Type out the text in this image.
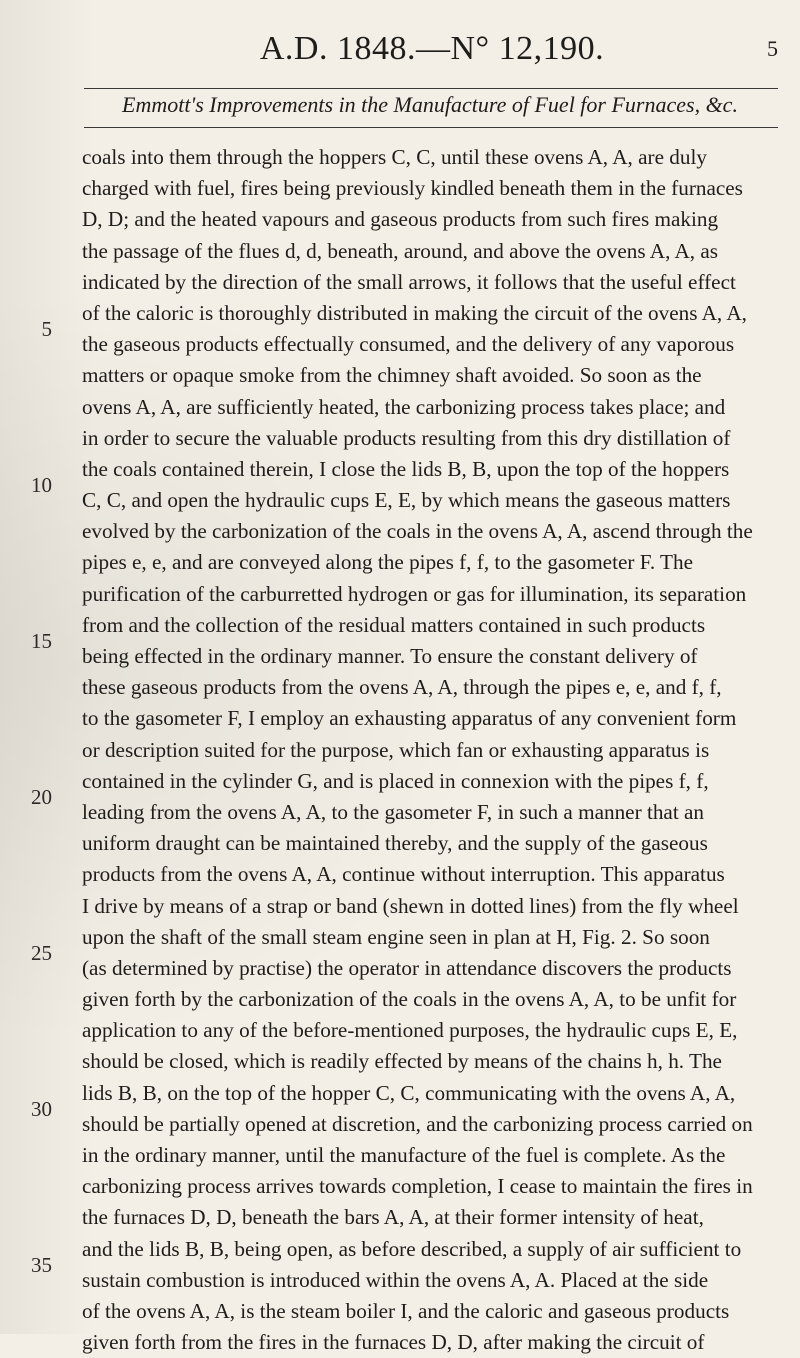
A.D. 1848.—N° 12,190.	5
Emmott's Improvements in the Manufacture of Fuel for Furnaces, &c.
5
10
15
20
25
30
35
coals into them through the hoppers C, C, until these ovens A, A, are duly
charged with fuel, fires being previously kindled beneath them in the furnaces
D, D; and the heated vapours and gaseous products from such fires making
the passage of the flues d, d, beneath, around, and above the ovens A, A, as
indicated by the direction of the small arrows, it follows that the useful effect
of the caloric is thoroughly distributed in making the circuit of the ovens A, A,
the gaseous products effectually consumed, and the delivery of any vaporous
matters or opaque smoke from the chimney shaft avoided. So soon as the
ovens A, A, are sufficiently heated, the carbonizing process takes place; and
in order to secure the valuable products resulting from this dry distillation of
the coals contained therein, I close the lids B, B, upon the top of the hoppers
C, C, and open the hydraulic cups E, E, by which means the gaseous matters
evolved by the carbonization of the coals in the ovens A, A, ascend through the
pipes e, e, and are conveyed along the pipes f, f, to the gasometer F. The
purification of the carburretted hydrogen or gas for illumination, its separation
from and the collection of the residual matters contained in such products
being effected in the ordinary manner. To ensure the constant delivery of
these gaseous products from the ovens A, A, through the pipes e, e, and f, f,
to the gasometer F, I employ an exhausting apparatus of any convenient form
or description suited for the purpose, which fan or exhausting apparatus is
contained in the cylinder G, and is placed in connexion with the pipes f, f,
leading from the ovens A, A, to the gasometer F, in such a manner that an
uniform draught can be maintained thereby, and the supply of the gaseous
products from the ovens A, A, continue without interruption. This apparatus
I drive by means of a strap or band (shewn in dotted lines) from the fly wheel
upon the shaft of the small steam engine seen in plan at H, Fig. 2. So soon
(as determined by practise) the operator in attendance discovers the products
given forth by the carbonization of the coals in the ovens A, A, to be unfit for
application to any of the before-mentioned purposes, the hydraulic cups E, E,
should be closed, which is readily effected by means of the chains h, h. The
lids B, B, on the top of the hopper C, C, communicating with the ovens A, A,
should be partially opened at discretion, and the carbonizing process carried on
in the ordinary manner, until the manufacture of the fuel is complete. As the
carbonizing process arrives towards completion, I cease to maintain the fires in
the furnaces D, D, beneath the bars A, A, at their former intensity of heat,
and the lids B, B, being open, as before described, a supply of air sufficient to
sustain combustion is introduced within the ovens A, A. Placed at the side
of the ovens A, A, is the steam boiler I, and the caloric and gaseous products
given forth from the fires in the furnaces D, D, after making the circuit of
